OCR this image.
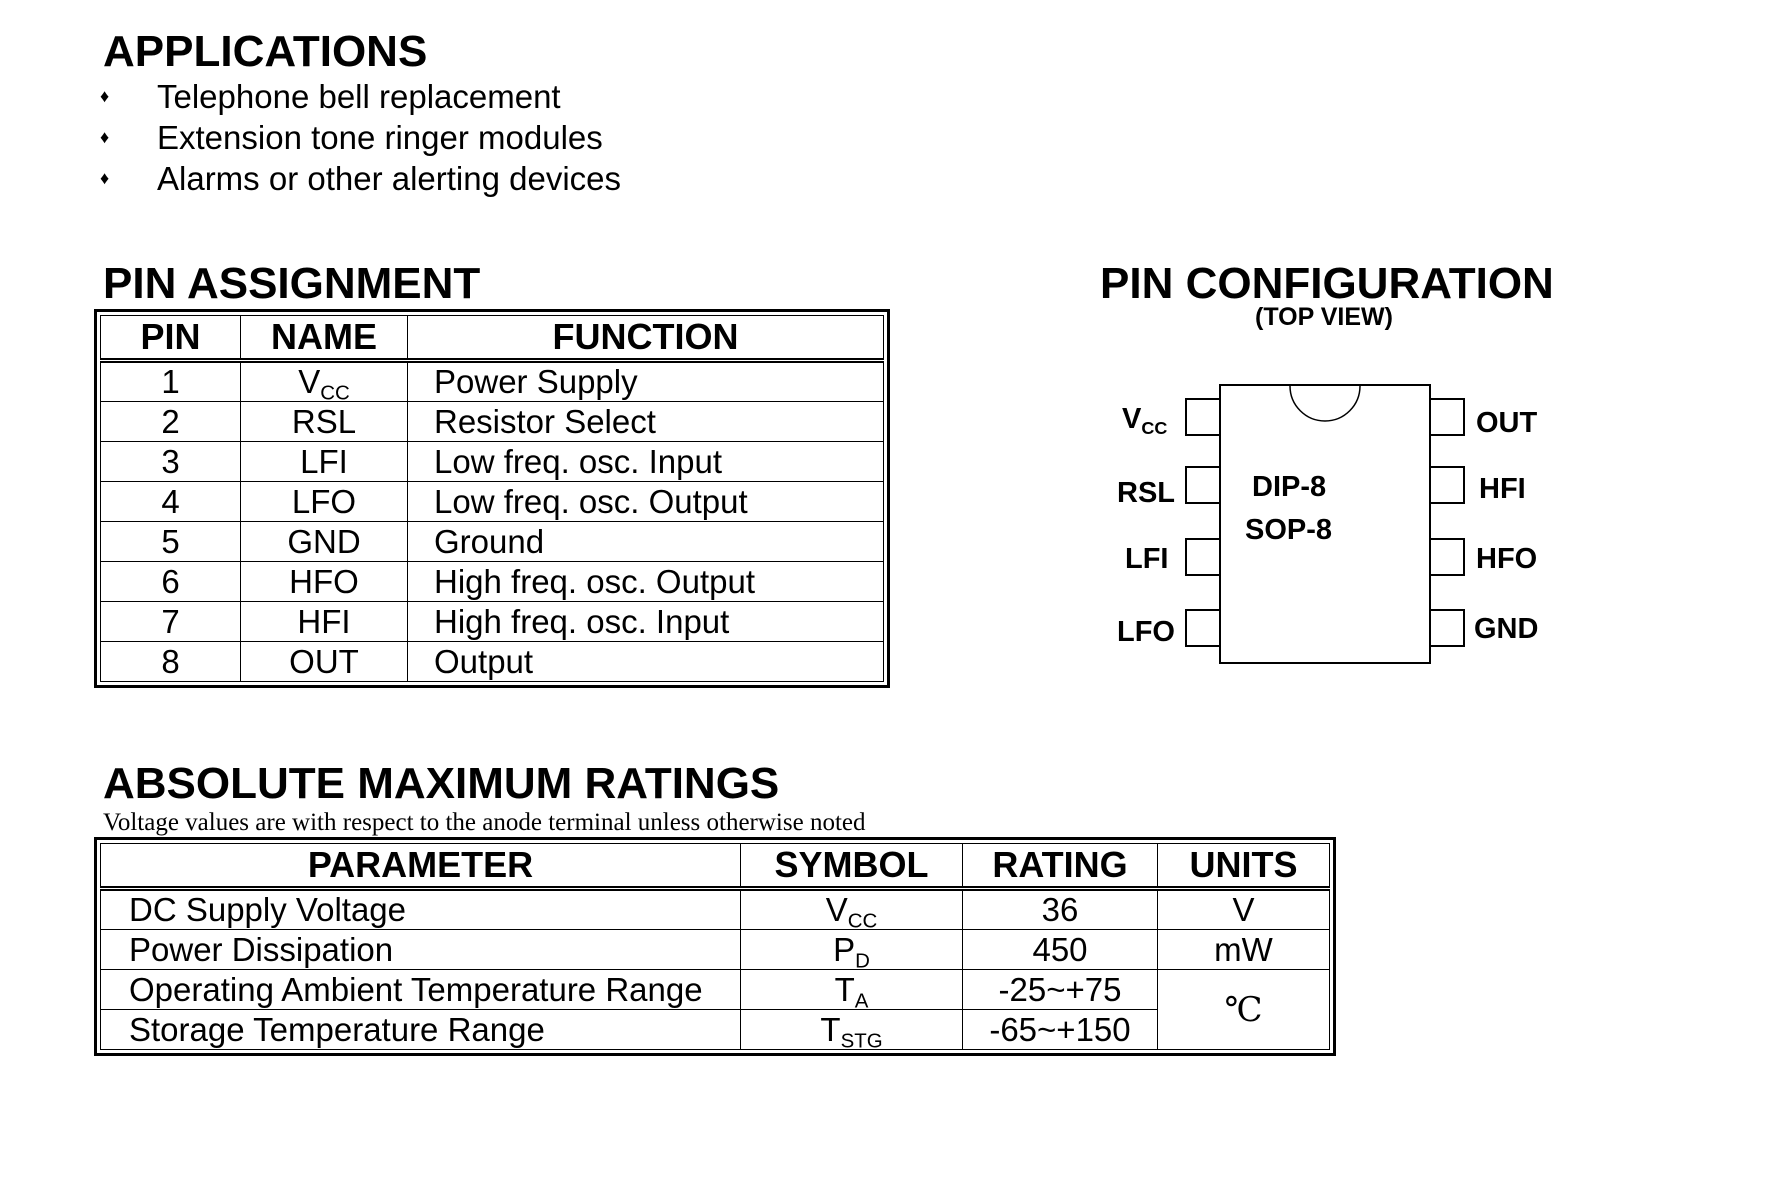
APPLICATIONS
♦ Telephone bell replacement
♦ Extension tone ringer modules
♦ Alarms or other alerting devices
PIN ASSIGNMENT
PIN	NAME	FUNCTION
1	$V_{CC}$	Power Supply
2	RSL	Resistor Select
3	LFI	Low freq. osc. Input
4	LFO	Low freq. osc. Output
5	GND	Ground
6	HFO	High freq. osc. Output
7	HFI	High freq. osc. Input
8	OUT	Output
PIN CONFIGURATION
(TOP VIEW)
DIP-8
SOP-8
$V_{CC}$
RSL
LFI
LFO
OUT
HFI
HFO
GND
ABSOLUTE MAXIMUM RATINGS
Voltage values are with respect to the anode terminal unless otherwise noted
PARAMETER	SYMBOL	RATING	UNITS
DC Supply Voltage	$V_{CC}$	36	V
Power Dissipation	$P_D$	450	mW
Operating Ambient Temperature Range	$T_A$	-25~+75	℃
Storage Temperature Range	$T_{STG}$	-65~+150	
